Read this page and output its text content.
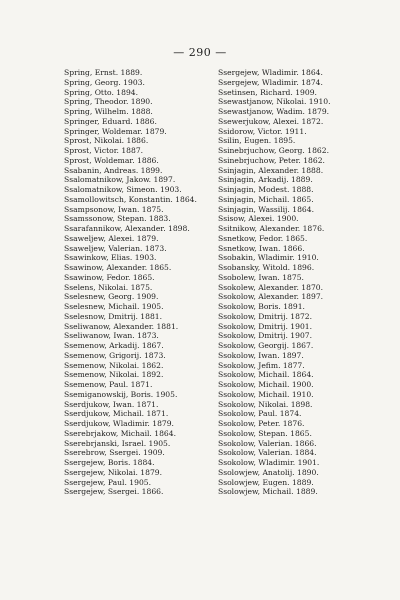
— 290 —
Spring, Ernst. 1889.
Spring, Georg. 1903.
Spring, Otto. 1894.
Spring, Theodor. 1890.
Spring, Wilhelm. 1888.
Springer, Eduard. 1886.
Springer, Woldemar. 1879.
Sprost, Nikolai. 1886.
Sprost, Victor. 1887.
Sprost, Woldemar. 1886.
Ssabanin, Andreas. 1899.
Ssalomatnikow, Jakow. 1897.
Ssalomatnikow, Simeon. 1903.
Ssamollowitsch, Konstantin. 1864.
Ssampsonow, Iwan. 1875.
Ssamssonow, Stepan. 1883.
Ssarafannikow, Alexander. 1898.
Ssaweljew, Alexei. 1879.
Ssaweljew, Valerian. 1873.
Ssawinkow, Elias. 1903.
Ssawinow, Alexander. 1865.
Ssawinow, Fedor. 1865.
Sselens, Nikolai. 1875.
Sselesnew, Georg. 1909.
Sselesnew, Michail. 1905.
Sselesnow, Dmitrij. 1881.
Sseliwanow, Alexander. 1881.
Sseliwanow, Iwan. 1873.
Ssemenow, Arkadij. 1867.
Ssemenow, Grigorij. 1873.
Ssemenow, Nikolai. 1862.
Ssemenow, Nikolai. 1892.
Ssemenow, Paul. 1871.
Ssemiganowskij, Boris. 1905.
Sserdjukow, Iwan. 1871.
Sserdjukow, Michail. 1871.
Sserdjukow, Wladimir. 1879.
Sserebrjakow, Michail. 1864.
Sserebrjanski, Israel. 1905.
Sserebrow, Ssergei. 1909.
Ssergejew, Boris. 1884.
Ssergejew, Nikolai. 1879.
Ssergejew, Paul. 1905.
Ssergejew, Ssergei. 1866.
Ssergejew, Wladimir. 1864.
Ssergejew, Wladimir. 1874.
Ssetinsen, Richard. 1909.
Ssewastjanow, Nikolai. 1910.
Ssewastjanow, Wadim. 1879.
Ssewerjukow, Alexei. 1872.
Ssidorow, Victor. 1911.
Ssilin, Eugen. 1895.
Ssinebrjuchow, Georg. 1862.
Ssinebrjuchow, Peter. 1862.
Ssinjagin, Alexander. 1888.
Ssinjagin, Arkadij. 1889.
Ssinjagin, Modest. 1888.
Ssinjagin, Michail. 1865.
Ssinjagin, Wassilij. 1864.
Ssisow, Alexei. 1900.
Ssitnikow, Alexander. 1876.
Ssnetkow, Fedor. 1865.
Ssnetkow, Iwan. 1866.
Ssobakin, Wladimir. 1910.
Ssobansky, Witold. 1896.
Ssobolew, Iwan. 1875.
Ssokolew, Alexander. 1870.
Ssokolow, Alexander. 1897.
Ssokolow, Boris. 1891.
Ssokolow, Dmitrij. 1872.
Ssokolow, Dmitrij. 1901.
Ssokolow, Dmitrij. 1907.
Ssokolow, Georgij. 1867.
Ssokolow, Iwan. 1897.
Ssokolow, Jefim. 1877.
Ssokolow, Michail. 1864.
Ssokolow, Michail. 1900.
Ssokolow, Michail. 1910.
Ssokolow, Nikolai. 1898.
Ssokolow, Paul. 1874.
Ssokolow, Peter. 1876.
Ssokolow, Stepan. 1865.
Ssokolow, Valerian. 1866.
Ssokolow, Valerian. 1884.
Ssokolow, Wladimir. 1901.
Ssolowjew, Anatolij. 1890.
Ssolowjew, Eugen. 1889.
Ssolowjew, Michail. 1889.
